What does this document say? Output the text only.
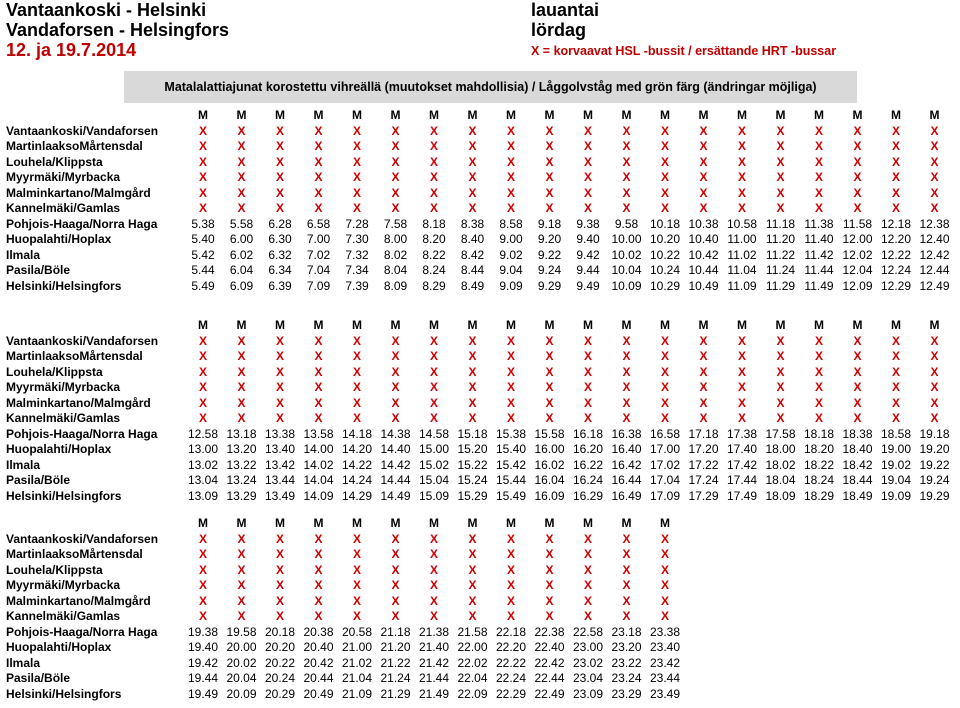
Vantaankoski - Helsinki
Vandaforsen - Helsingfors
12. ja 19.7.2014
lauantai
lördag
X = korvaavat HSL -bussit / ersättande HRT -bussar
Matalalattiajunat korostettu vihreällä (muutokset mahdollisia) / Låggolvståg med grön färg (ändringar möjliga)
M	M	M	M	M	M	M	M	M	M	M	M	M	M	M	M	M	M	M	M
Vantaankoski/Vandaforsen	X	X	X	X	X	X	X	X	X	X	X	X	X	X	X	X	X	X	X	X
MartinlaaksoMårtensdal	X	X	X	X	X	X	X	X	X	X	X	X	X	X	X	X	X	X	X	X
Louhela/Klippsta	X	X	X	X	X	X	X	X	X	X	X	X	X	X	X	X	X	X	X	X
Myyrmäki/Myrbacka	X	X	X	X	X	X	X	X	X	X	X	X	X	X	X	X	X	X	X	X
Malminkartano/Malmgård	X	X	X	X	X	X	X	X	X	X	X	X	X	X	X	X	X	X	X	X
Kannelmäki/Gamlas	X	X	X	X	X	X	X	X	X	X	X	X	X	X	X	X	X	X	X	X
Pohjois-Haaga/Norra Haga	5.38	5.58	6.28	6.58	7.28	7.58	8.18	8.38	8.58	9.18	9.38	9.58 10.18 10.38 10.58 11.18 11.38 11.58 12.18 12.38
Huopalahti/Hoplax	5.40	6.00	6.30	7.00	7.30	8.00	8.20	8.40	9.00	9.20	9.40 10.00 10.20 10.40 11.00 11.20 11.40 12.00 12.20 12.40
Ilmala	5.42	6.02	6.32	7.02	7.32	8.02	8.22	8.42	9.02	9.22	9.42 10.02 10.22 10.42 11.02 11.22 11.42 12.02 12.22 12.42
Pasila/Böle	5.44	6.04	6.34	7.04	7.34	8.04	8.24	8.44	9.04	9.24	9.44 10.04 10.24 10.44 11.04 11.24 11.44 12.04 12.24 12.44
Helsinki/Helsingfors	5.49	6.09	6.39	7.09	7.39	8.09	8.29	8.49	9.09	9.29	9.49 10.09 10.29 10.49 11.09 11.29 11.49 12.09 12.29 12.49
M	M	M	M	M	M	M	M	M	M	M	M	M	M	M	M	M	M	M	M
Vantaankoski/Vandaforsen	X	X	X	X	X	X	X	X	X	X	X	X	X	X	X	X	X	X	X	X
MartinlaaksoMårtensdal	X	X	X	X	X	X	X	X	X	X	X	X	X	X	X	X	X	X	X	X
Louhela/Klippsta	X	X	X	X	X	X	X	X	X	X	X	X	X	X	X	X	X	X	X	X
Myyrmäki/Myrbacka	X	X	X	X	X	X	X	X	X	X	X	X	X	X	X	X	X	X	X	X
Malminkartano/Malmgård	X	X	X	X	X	X	X	X	X	X	X	X	X	X	X	X	X	X	X	X
Kannelmäki/Gamlas	X	X	X	X	X	X	X	X	X	X	X	X	X	X	X	X	X	X	X	X
Pohjois-Haaga/Norra Haga	12.58 13.18 13.38 13.58 14.18 14.38 14.58 15.18 15.38 15.58 16.18 16.38 16.58 17.18 17.38 17.58 18.18 18.38 18.58 19.18
Huopalahti/Hoplax	13.00 13.20 13.40 14.00 14.20 14.40 15.00 15.20 15.40 16.00 16.20 16.40 17.00 17.20 17.40 18.00 18.20 18.40 19.00 19.20
Ilmala	13.02 13.22 13.42 14.02 14.22 14.42 15.02 15.22 15.42 16.02 16.22 16.42 17.02 17.22 17.42 18.02 18.22 18.42 19.02 19.22
Pasila/Böle	13.04 13.24 13.44 14.04 14.24 14.44 15.04 15.24 15.44 16.04 16.24 16.44 17.04 17.24 17.44 18.04 18.24 18.44 19.04 19.24
Helsinki/Helsingfors	13.09 13.29 13.49 14.09 14.29 14.49 15.09 15.29 15.49 16.09 16.29 16.49 17.09 17.29 17.49 18.09 18.29 18.49 19.09 19.29
M	M	M	M	M	M	M	M	M	M	M	M	M
Vantaankoski/Vandaforsen	X	X	X	X	X	X	X	X	X	X	X	X	X
MartinlaaksoMårtensdal	X	X	X	X	X	X	X	X	X	X	X	X	X
Louhela/Klippsta	X	X	X	X	X	X	X	X	X	X	X	X	X
Myyrmäki/Myrbacka	X	X	X	X	X	X	X	X	X	X	X	X	X
Malminkartano/Malmgård	X	X	X	X	X	X	X	X	X	X	X	X	X
Kannelmäki/Gamlas	X	X	X	X	X	X	X	X	X	X	X	X	X
Pohjois-Haaga/Norra Haga	19.38 19.58 20.18 20.38 20.58 21.18 21.38 21.58 22.18 22.38 22.58 23.18 23.38
Huopalahti/Hoplax	19.40 20.00 20.20 20.40 21.00 21.20 21.40 22.00 22.20 22.40 23.00 23.20 23.40
Ilmala	19.42 20.02 20.22 20.42 21.02 21.22 21.42 22.02 22.22 22.42 23.02 23.22 23.42
Pasila/Böle	19.44 20.04 20.24 20.44 21.04 21.24 21.44 22.04 22.24 22.44 23.04 23.24 23.44
Helsinki/Helsingfors	19.49 20.09 20.29 20.49 21.09 21.29 21.49 22.09 22.29 22.49 23.09 23.29 23.49
